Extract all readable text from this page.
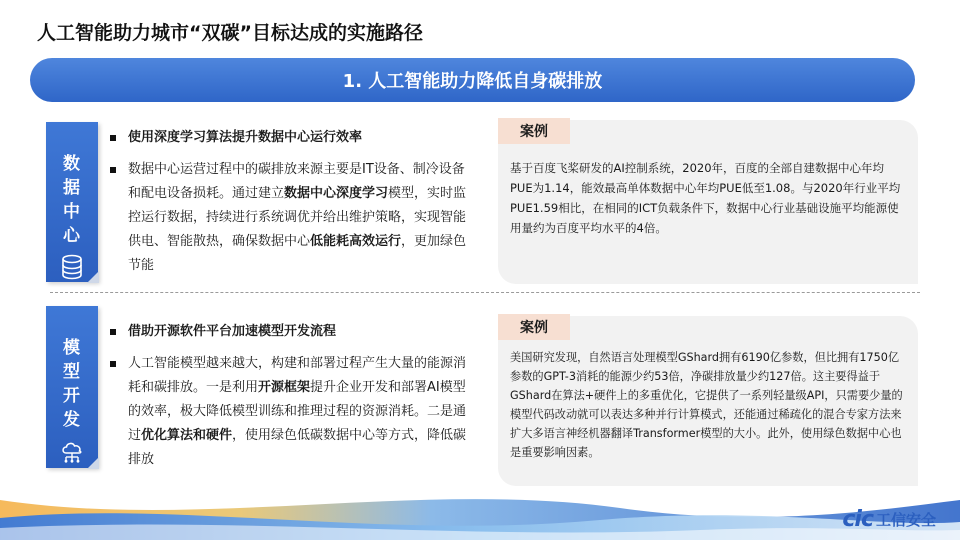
人工智能助力城市“双碳”目标达成的实施路径
1. 人工智能助力降低自身碳排放
数
据
中
心
使用深度学习算法提升数据中心运行效率
数据中心运营过程中的碳排放来源主要是IT设备、制冷设备和配电设备损耗。通过建立数据中心深度学习模型，实时监控运行数据，持续进行系统调优并给出维护策略，实现智能供电、智能散热，确保数据中心低能耗高效运行，更加绿色节能
案例
基于百度飞桨研发的AI控制系统，2020年，百度的全部自建数据中心年均PUE为1.14，能效最高单体数据中心年均PUE低至1.08。与2020年行业平均PUE1.59相比，在相同的ICT负载条件下，数据中心行业基础设施平均能源使用量约为百度平均水平的4倍。
模
型
开
发
借助开源软件平台加速模型开发流程
人工智能模型越来越大，构建和部署过程产生大量的能源消耗和碳排放。一是利用开源框架提升企业开发和部署AI模型的效率，极大降低模型训练和推理过程的资源消耗。二是通过优化算法和硬件，使用绿色低碳数据中心等方式，降低碳排放
案例
美国研究发现，自然语言处理模型GShard拥有6190亿参数，但比拥有1750亿参数的GPT-3消耗的能源少约53倍，净碳排放量少约127倍。这主要得益于GShard在算法+硬件上的多重优化，它提供了一系列轻量级API，只需要少量的模型代码改动就可以表达多种并行计算模式，还能通过稀疏化的混合专家方法来扩大多语言神经机器翻译Transformer模型的大小。此外，使用绿色数据中心也是重要影响因素。
cic 工信安全
